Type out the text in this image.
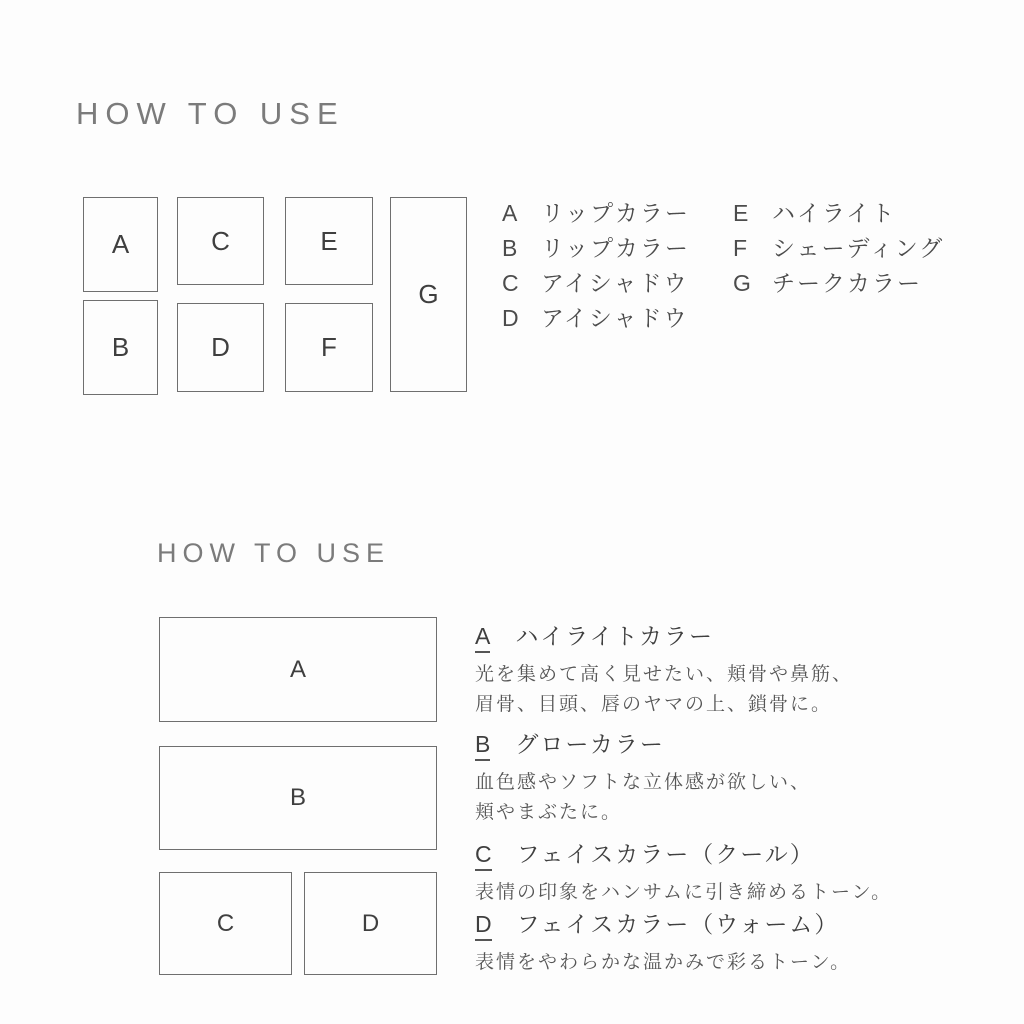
HOW TO USE
A
B
C
D
E
F
G
A	リップカラー
B	リップカラー
C アイシャドウ
D アイシャドウ
E	ハイライト
F	シェーディング
G チークカラー
HOW TO USE
A
B
C	D
A ハイライトカラー
光を集めて高く見せたい、頬骨や鼻筋、
眉骨、目頭、唇のヤマの上、鎖骨に。
B グローカラー
血色感やソフトな立体感が欲しい、
頬やまぶたに。
C フェイスカラー（クール）
表情の印象をハンサムに引き締めるトーン。
D フェイスカラー（ウォーム）
表情をやわらかな温かみで彩るトーン。
